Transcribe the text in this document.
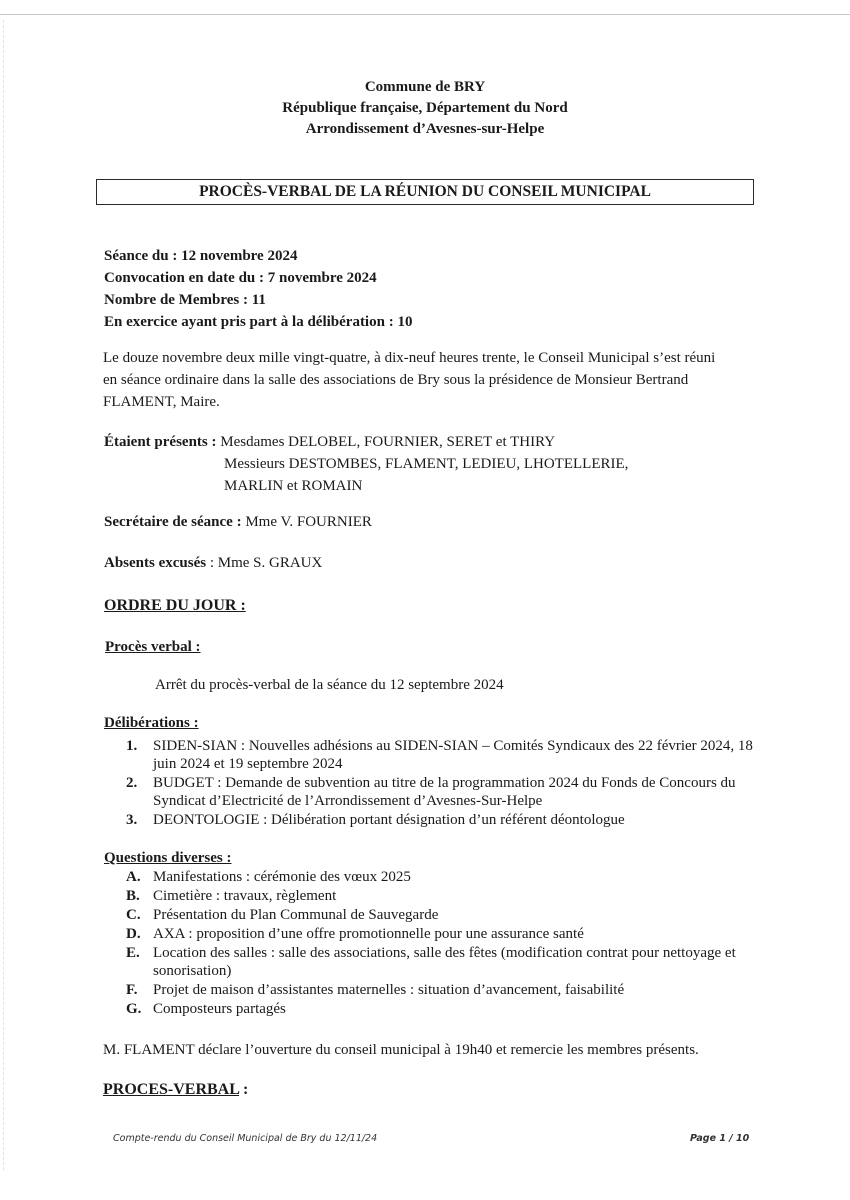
Commune de BRY
République française, Département du Nord
Arrondissement d’Avesnes-sur-Helpe
PROCÈS-VERBAL DE LA RÉUNION DU CONSEIL MUNICIPAL
Séance du : 12 novembre 2024
Convocation en date du : 7 novembre 2024
Nombre de Membres : 11
En exercice ayant pris part à la délibération : 10
Le douze novembre deux mille vingt-quatre, à dix-neuf heures trente, le Conseil Municipal s’est réuni
en séance ordinaire dans la salle des associations de Bry sous la présidence de Monsieur Bertrand
FLAMENT, Maire.
Étaient présents : Mesdames DELOBEL, FOURNIER, SERET et THIRY
Messieurs DESTOMBES, FLAMENT, LEDIEU, LHOTELLERIE, MARLIN et ROMAIN
Secrétaire de séance : Mme V. FOURNIER
Absents excusés : Mme S. GRAUX
ORDRE DU JOUR :
Procès verbal :
Arrêt du procès-verbal de la séance du 12 septembre 2024
Délibérations :
1.	SIDEN-SIAN : Nouvelles adhésions au SIDEN-SIAN – Comités Syndicaux des 22 février 2024, 18 juin 2024 et 19 septembre 2024
2.	BUDGET : Demande de subvention au titre de la programmation 2024 du Fonds de Concours du Syndicat d’Electricité de l’Arrondissement d’Avesnes-Sur-Helpe
3.	DEONTOLOGIE : Délibération portant désignation d’un référent déontologue
Questions diverses :
A. Manifestations : cérémonie des vœux 2025
B. Cimetière : travaux, règlement
C. Présentation du Plan Communal de Sauvegarde
D. AXA : proposition d’une offre promotionnelle pour une assurance santé
E. Location des salles : salle des associations, salle des fêtes (modification contrat pour nettoyage et sonorisation)
F.	Projet de maison d’assistantes maternelles : situation d’avancement, faisabilité
G. Composteurs partagés
M. FLAMENT déclare l’ouverture du conseil municipal à 19h40 et remercie les membres présents.
PROCES-VERBAL :
Compte-rendu du Conseil Municipal de Bry du 12/11/24	Page 1 / 10
